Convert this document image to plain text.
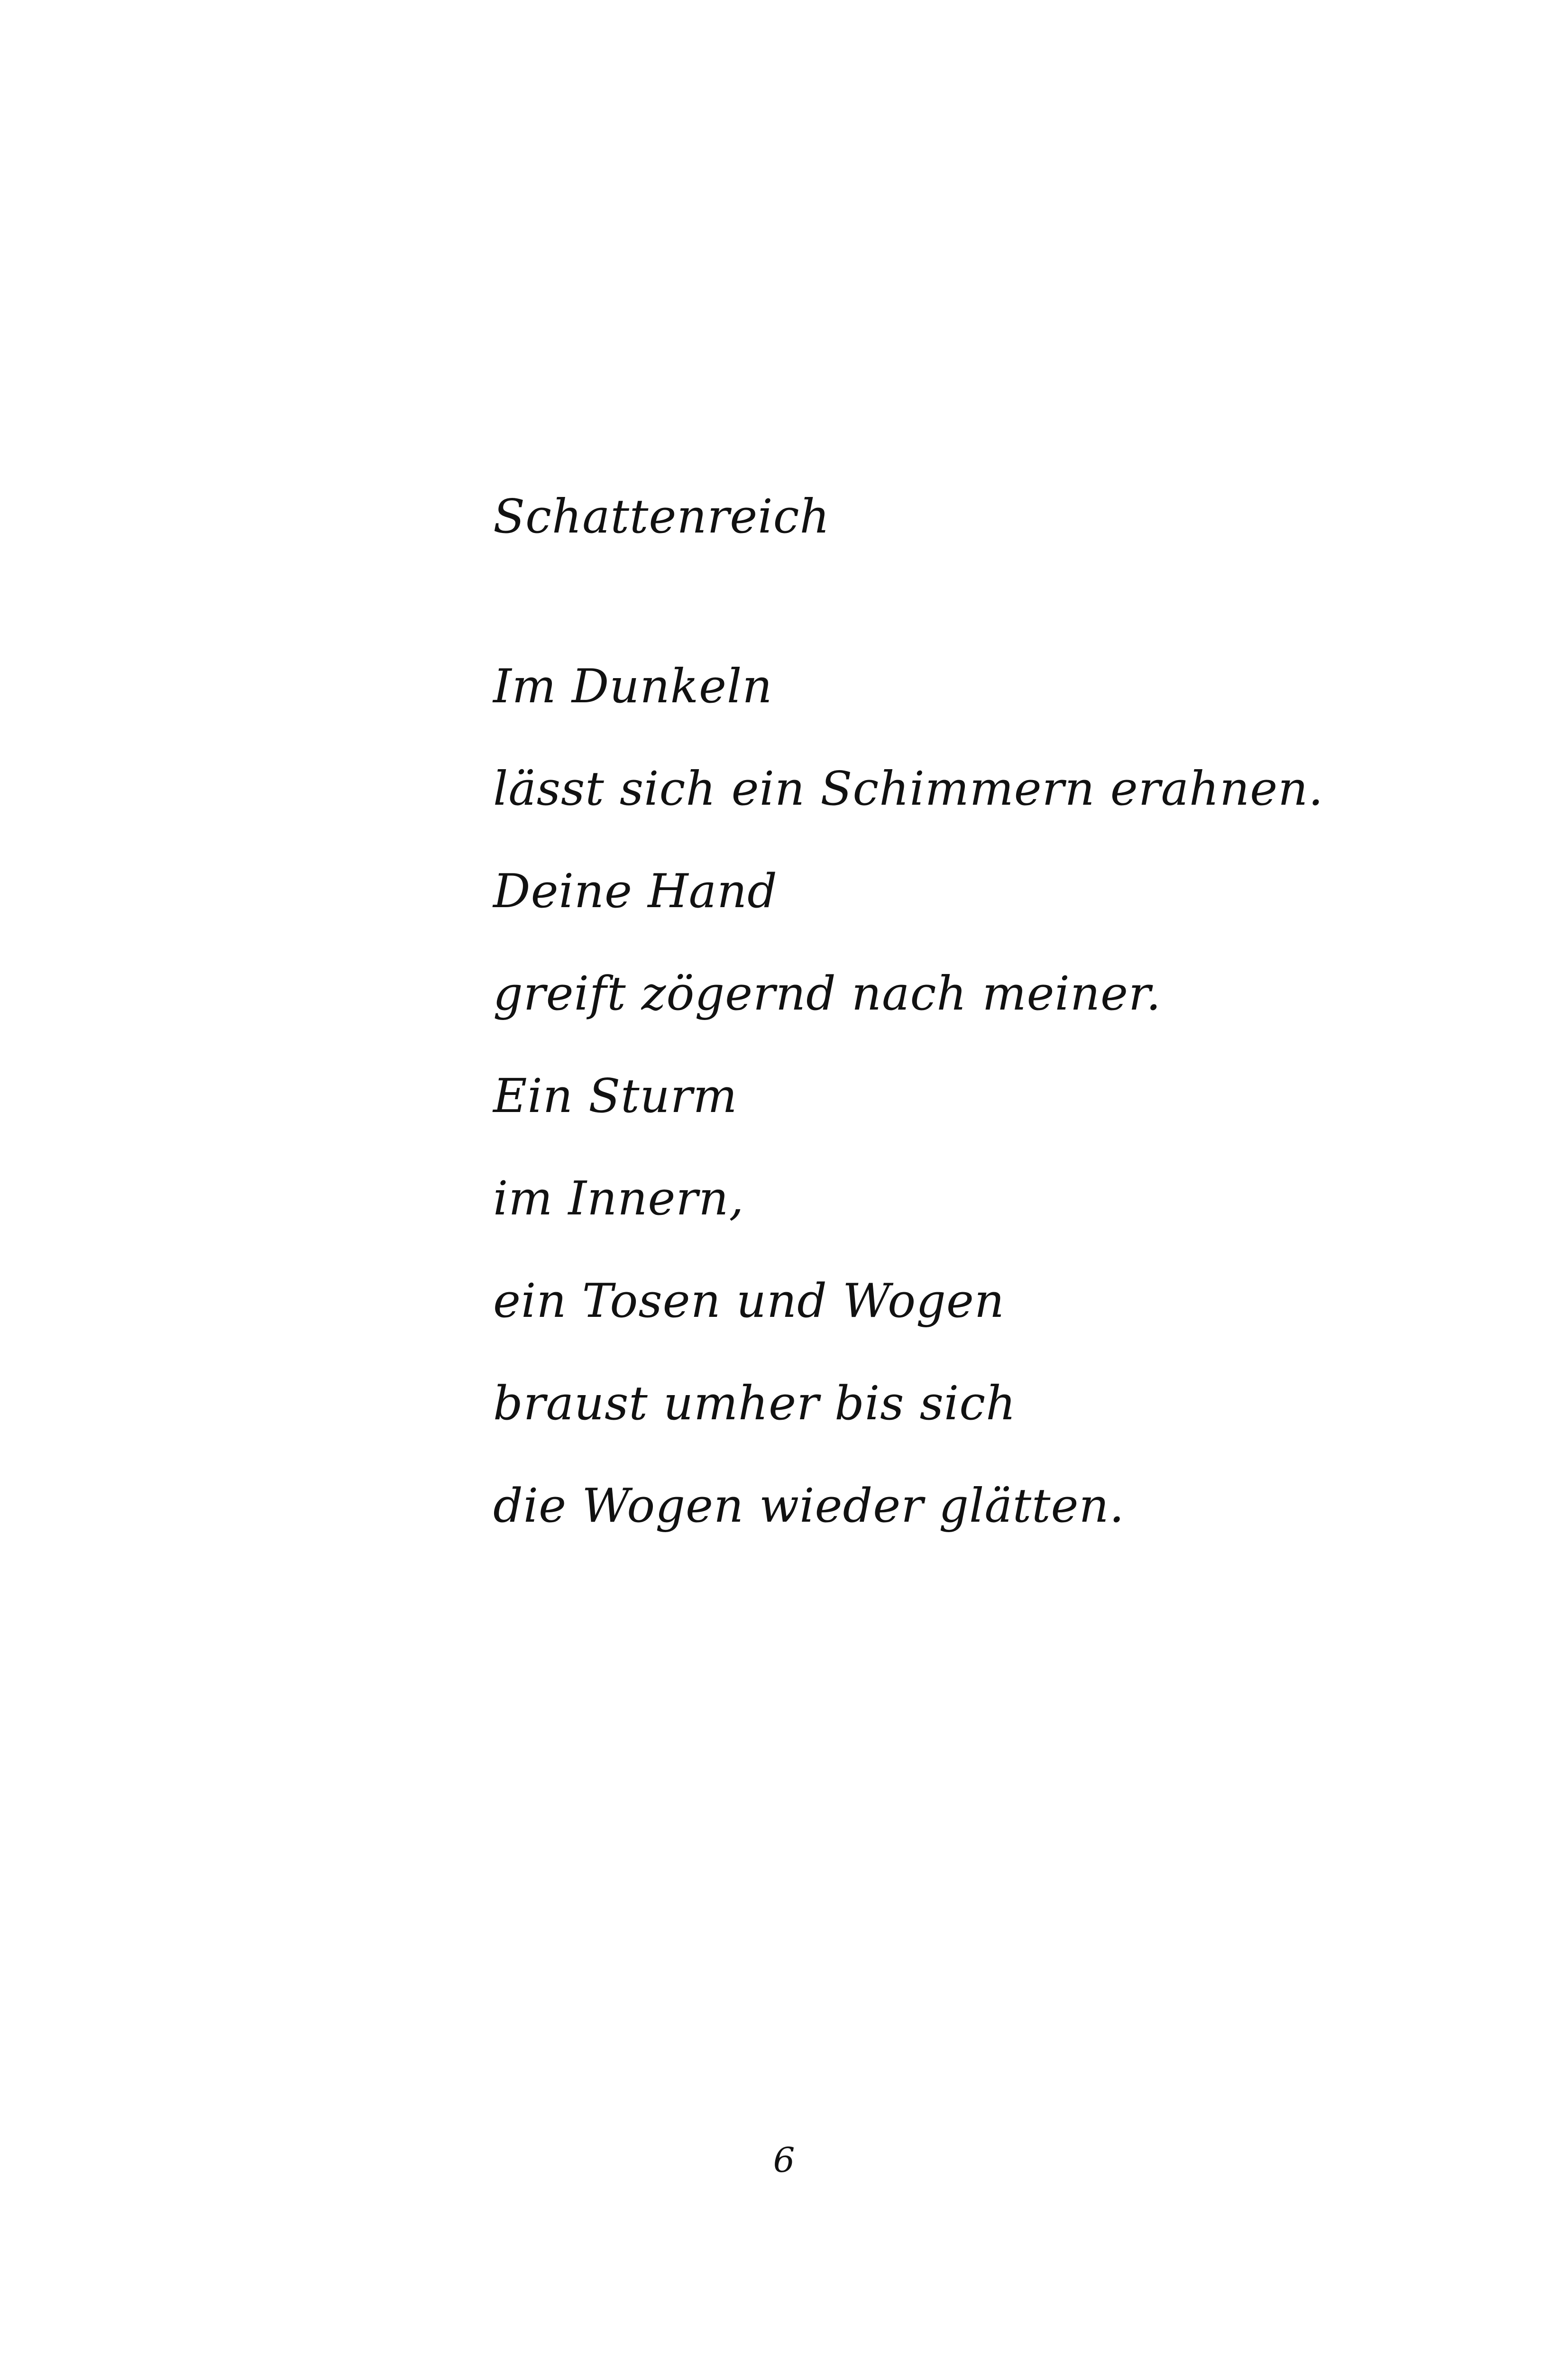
Schattenreich
Im Dunkeln
lässt sich ein Schimmern erahnen.
Deine Hand
greift zögernd nach meiner.
Ein Sturm
im Innern,
ein Tosen und Wogen
braust umher bis sich
die Wogen wieder glätten.
6
